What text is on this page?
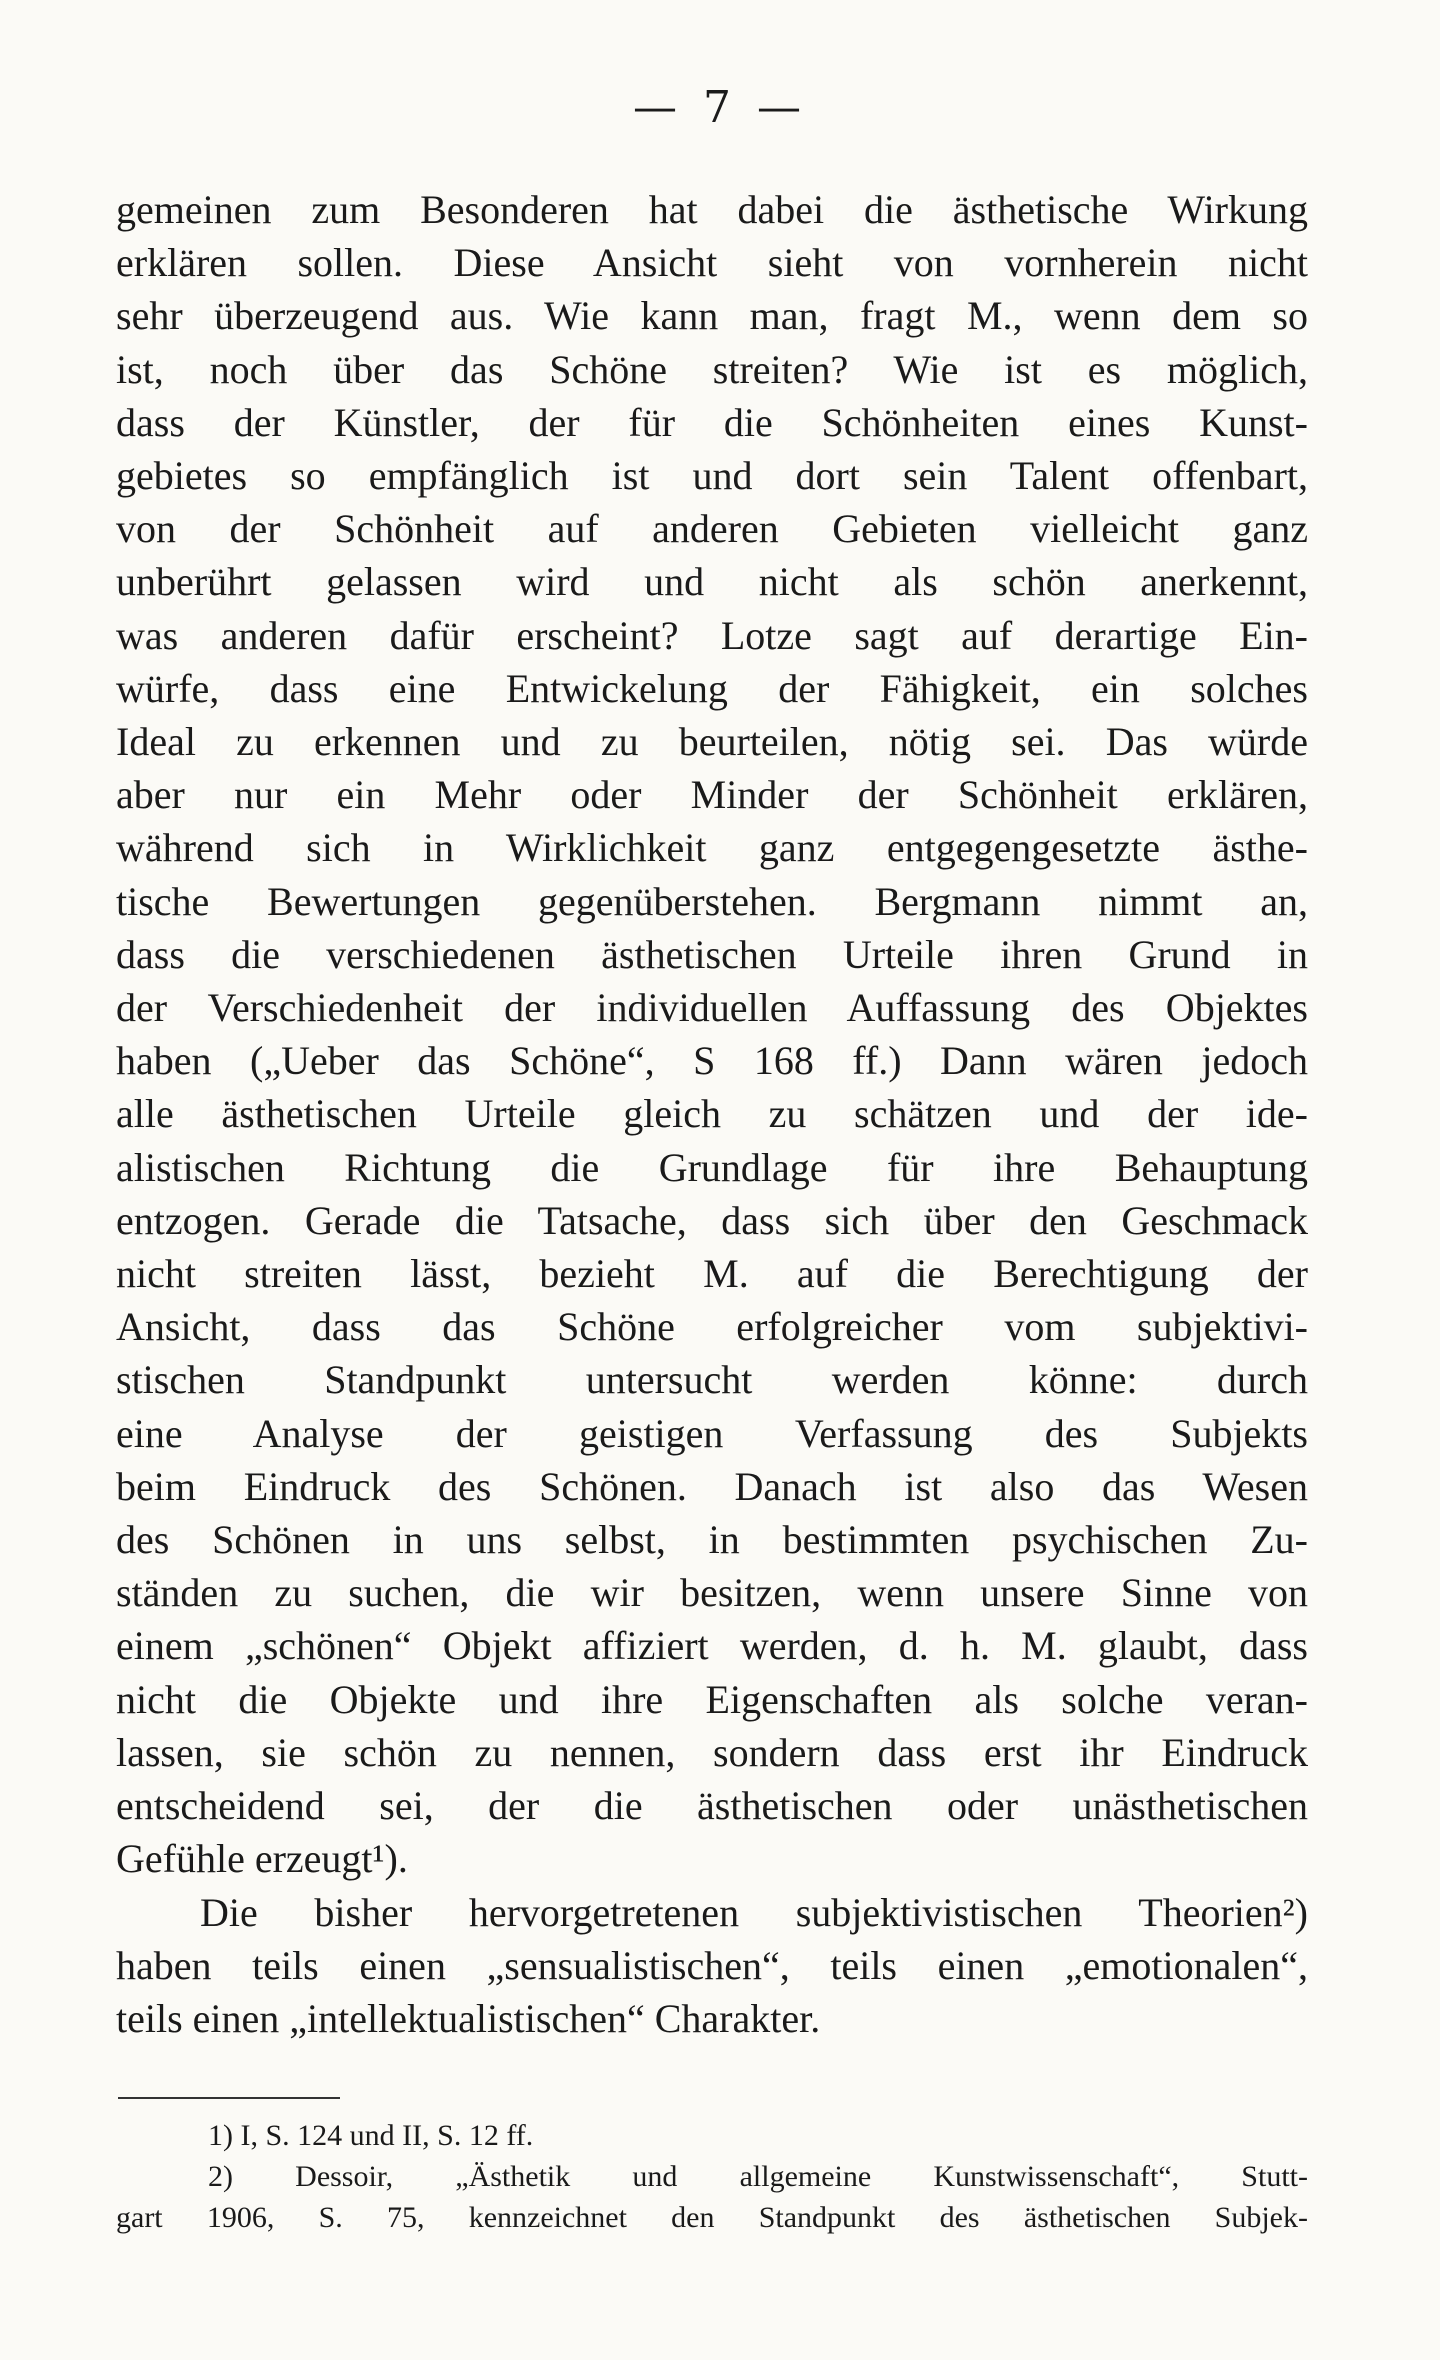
— 7 —
gemeinen zum Besonderen hat dabei die ästhetische Wirkung
erklären sollen. Diese Ansicht sieht von vornherein nicht
sehr überzeugend aus. Wie kann man, fragt M., wenn dem so
ist, noch über das Schöne streiten? Wie ist es möglich,
dass der Künstler, der für die Schönheiten eines Kunst-
gebietes so empfänglich ist und dort sein Talent offenbart,
von der Schönheit auf anderen Gebieten vielleicht ganz
unberührt gelassen wird und nicht als schön anerkennt,
was anderen dafür erscheint? Lotze sagt auf derartige Ein-
würfe, dass eine Entwickelung der Fähigkeit, ein solches
Ideal zu erkennen und zu beurteilen, nötig sei. Das würde
aber nur ein Mehr oder Minder der Schönheit erklären,
während sich in Wirklichkeit ganz entgegengesetzte ästhe-
tische Bewertungen gegenüberstehen. Bergmann nimmt an,
dass die verschiedenen ästhetischen Urteile ihren Grund in
der Verschiedenheit der individuellen Auffassung des Objektes
haben („Ueber das Schöne“, S 168 ff.) Dann wären jedoch
alle ästhetischen Urteile gleich zu schätzen und der ide-
alistischen Richtung die Grundlage für ihre Behauptung
entzogen. Gerade die Tatsache, dass sich über den Geschmack
nicht streiten lässt, bezieht M. auf die Berechtigung der
Ansicht, dass das Schöne erfolgreicher vom subjektivi-
stischen Standpunkt untersucht werden könne: durch
eine Analyse der geistigen Verfassung des Subjekts
beim Eindruck des Schönen. Danach ist also das Wesen
des Schönen in uns selbst, in bestimmten psychischen Zu-
ständen zu suchen, die wir besitzen, wenn unsere Sinne von
einem „schönen“ Objekt affiziert werden, d. h. M. glaubt, dass
nicht die Objekte und ihre Eigenschaften als solche veran-
lassen, sie schön zu nennen, sondern dass erst ihr Eindruck
entscheidend sei, der die ästhetischen oder unästhetischen
Gefühle erzeugt¹).
Die bisher hervorgetretenen subjektivistischen Theorien²)
haben teils einen „sensualistischen“, teils einen „emotionalen“,
teils einen „intellektualistischen“ Charakter.
1) I, S. 124 und II, S. 12 ff.
2) Dessoir, „Ästhetik und allgemeine Kunstwissenschaft“, Stutt-
gart 1906, S. 75, kennzeichnet den Standpunkt des ästhetischen Subjek-
